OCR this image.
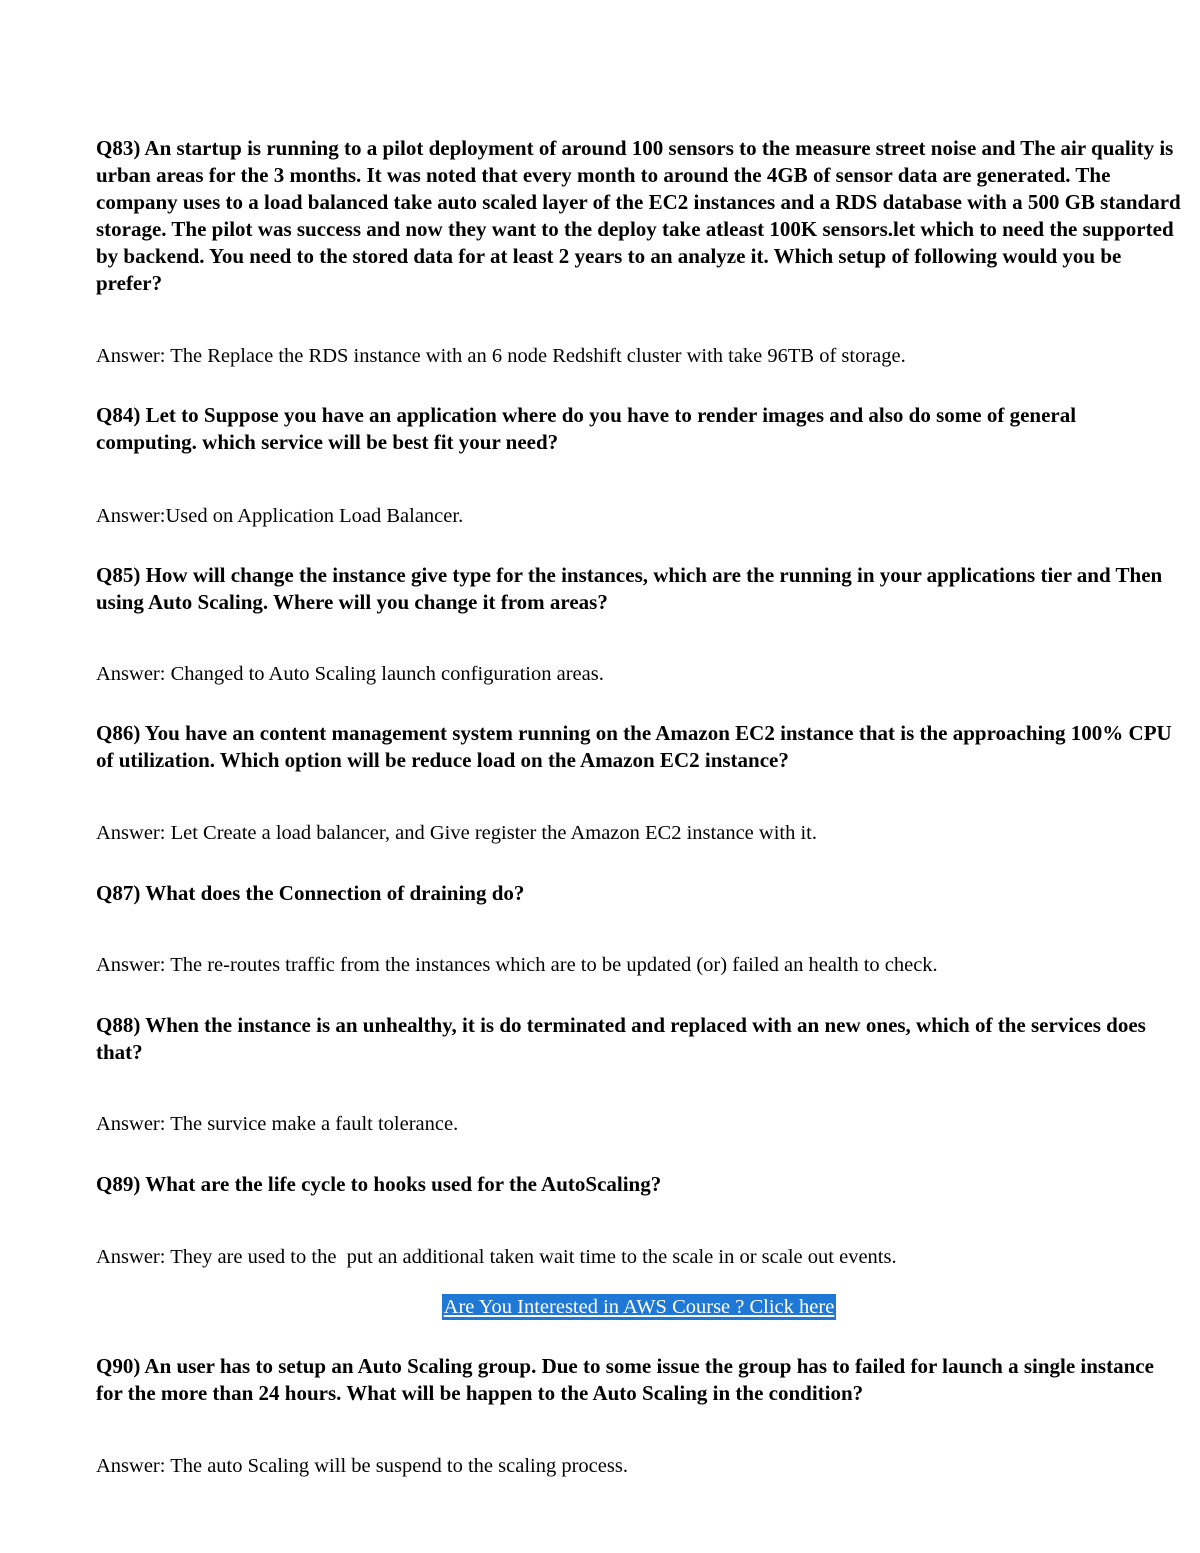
Q83) An startup is running to a pilot deployment of around 100 sensors to the measure street noise and The air quality is urban areas for the 3 months. It was noted that every month to around the 4GB of sensor data are generated. The company uses to a load balanced take auto scaled layer of the EC2 instances and a RDS database with a 500 GB standard storage. The pilot was success and now they want to the deploy take atleast 100K sensors.let which to need the supported by backend. You need to the stored data for at least 2 years to an analyze it. Which setup of following would you be prefer?

Answer: The Replace the RDS instance with an 6 node Redshift cluster with take 96TB of storage.

Q84) Let to Suppose you have an application where do you have to render images and also do some of general computing. which service will be best fit your need?

Answer:Used on Application Load Balancer.

Q85) How will change the instance give type for the instances, which are the running in your applications tier and Then using Auto Scaling. Where will you change it from areas?

Answer: Changed to Auto Scaling launch configuration areas.

Q86) You have an content management system running on the Amazon EC2 instance that is the approaching 100% CPU of utilization. Which option will be reduce load on the Amazon EC2 instance?

Answer: Let Create a load balancer, and Give register the Amazon EC2 instance with it.

Q87) What does the Connection of draining do?

Answer: The re-routes traffic from the instances which are to be updated (or) failed an health to check.

Q88) When the instance is an unhealthy, it is do terminated and replaced with an new ones, which of the services does that?

Answer: The survice make a fault tolerance.

Q89) What are the life cycle to hooks used for the AutoScaling?

Answer: They are used to the  put an additional taken wait time to the scale in or scale out events.

Are You Interested in AWS Course ? Click here

Q90) An user has to setup an Auto Scaling group. Due to some issue the group has to failed for launch a single instance for the more than 24 hours. What will be happen to the Auto Scaling in the condition?

Answer: The auto Scaling will be suspend to the scaling process.
